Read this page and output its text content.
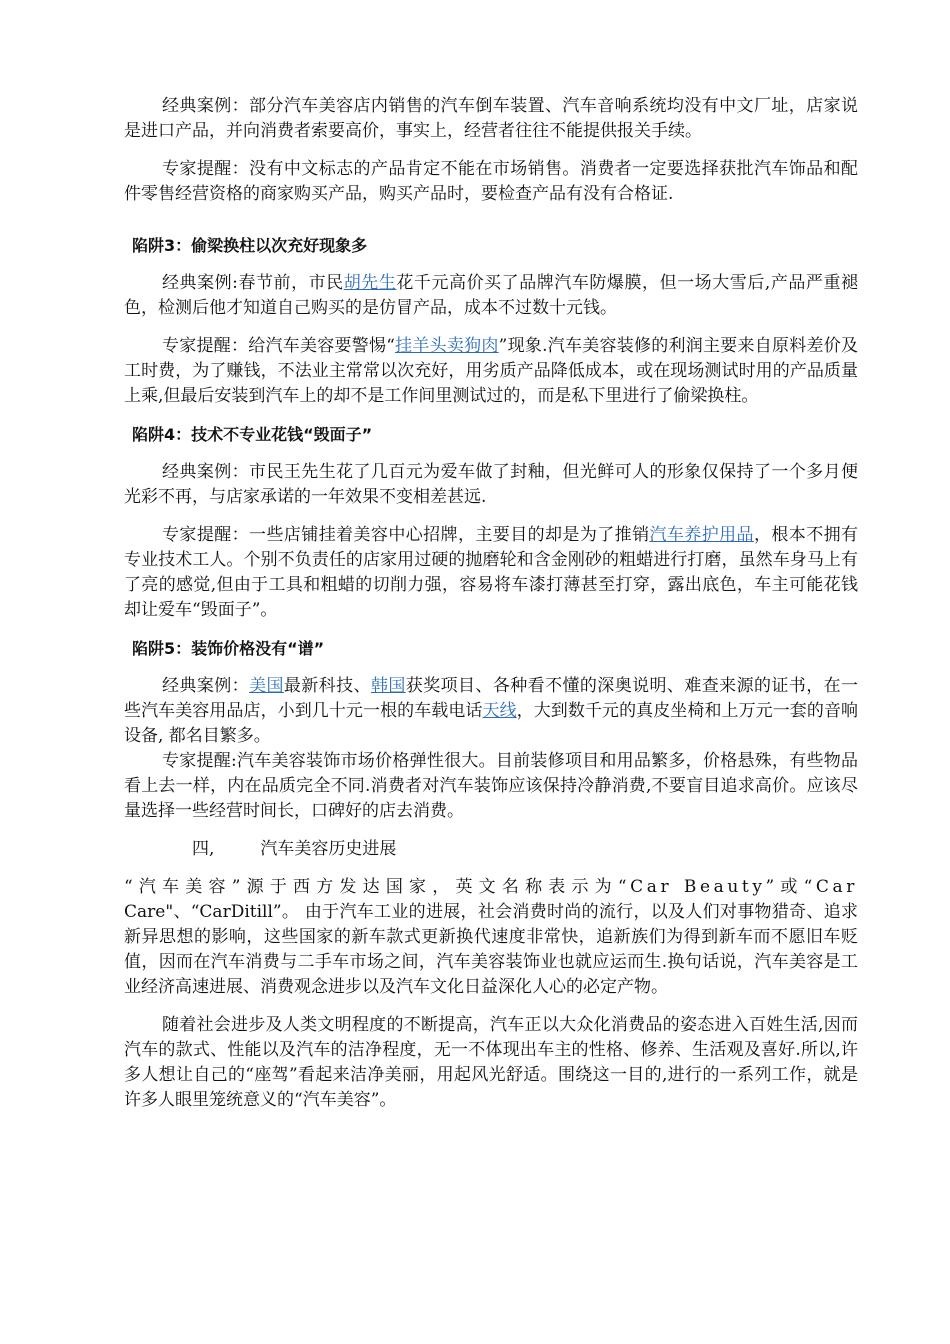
经典案例：部分汽车美容店内销售的汽车倒车装置、汽车音响系统均没有中文厂址，店家说是进口产品，并向消费者索要高价，事实上，经营者往往不能提供报关手续。

专家提醒：没有中文标志的产品肯定不能在市场销售。消费者一定要选择获批汽车饰品和配件零售经营资格的商家购买产品，购买产品时，要检查产品有没有合格证.

陷阱3：偷梁换柱以次充好现象多

经典案例:春节前，市民胡先生花千元高价买了品牌汽车防爆膜，但一场大雪后,产品严重褪色，检测后他才知道自己购买的是仿冒产品，成本不过数十元钱。

专家提醒：给汽车美容要警惕“挂羊头卖狗肉”现象.汽车美容装修的利润主要来自原料差价及工时费，为了赚钱，不法业主常常以次充好，用劣质产品降低成本，或在现场测试时用的产品质量上乘,但最后安装到汽车上的却不是工作间里测试过的，而是私下里进行了偷梁换柱。

陷阱4：技术不专业花钱“毁面子”

经典案例：市民王先生花了几百元为爱车做了封釉，但光鲜可人的形象仅保持了一个多月便光彩不再，与店家承诺的一年效果不变相差甚远.

专家提醒：一些店铺挂着美容中心招牌，主要目的却是为了推销汽车养护用品，根本不拥有专业技术工人。个别不负责任的店家用过硬的抛磨轮和含金刚砂的粗蜡进行打磨，虽然车身马上有了亮的感觉,但由于工具和粗蜡的切削力强，容易将车漆打薄甚至打穿，露出底色，车主可能花钱却让爱车“毁面子”。

陷阱5：装饰价格没有“谱”

经典案例：美国最新科技、韩国获奖项目、各种看不懂的深奥说明、难查来源的证书，在一些汽车美容用品店，小到几十元一根的车载电话天线，大到数千元的真皮坐椅和上万元一套的音响设备, 都名目繁多。

专家提醒:汽车美容装饰市场价格弹性很大。目前装修项目和用品繁多，价格悬殊，有些物品看上去一样，内在品质完全不同.消费者对汽车装饰应该保持冷静消费,不要盲目追求高价。应该尽量选择一些经营时间长，口碑好的店去消费。

四,	汽车美容历史进展

“汽车美容”源于西方发达国家，英文名称表示为“Car Beauty”或“Car Care"、“CarDitill”。 由于汽车工业的进展，社会消费时尚的流行，以及人们对事物猎奇、追求新异思想的影响，这些国家的新车款式更新换代速度非常快，追新族们为得到新车而不愿旧车贬值，因而在汽车消费与二手车市场之间，汽车美容装饰业也就应运而生.换句话说，汽车美容是工业经济高速进展、消费观念进步以及汽车文化日益深化人心的必定产物。

随着社会进步及人类文明程度的不断提高，汽车正以大众化消费品的姿态进入百姓生活,因而汽车的款式、性能以及汽车的洁净程度，无一不体现出车主的性格、修养、生活观及喜好.所以,许多人想让自己的“座驾”看起来洁净美丽，用起风光舒适。围绕这一目的,进行的一系列工作，就是许多人眼里笼统意义的“汽车美容”。
